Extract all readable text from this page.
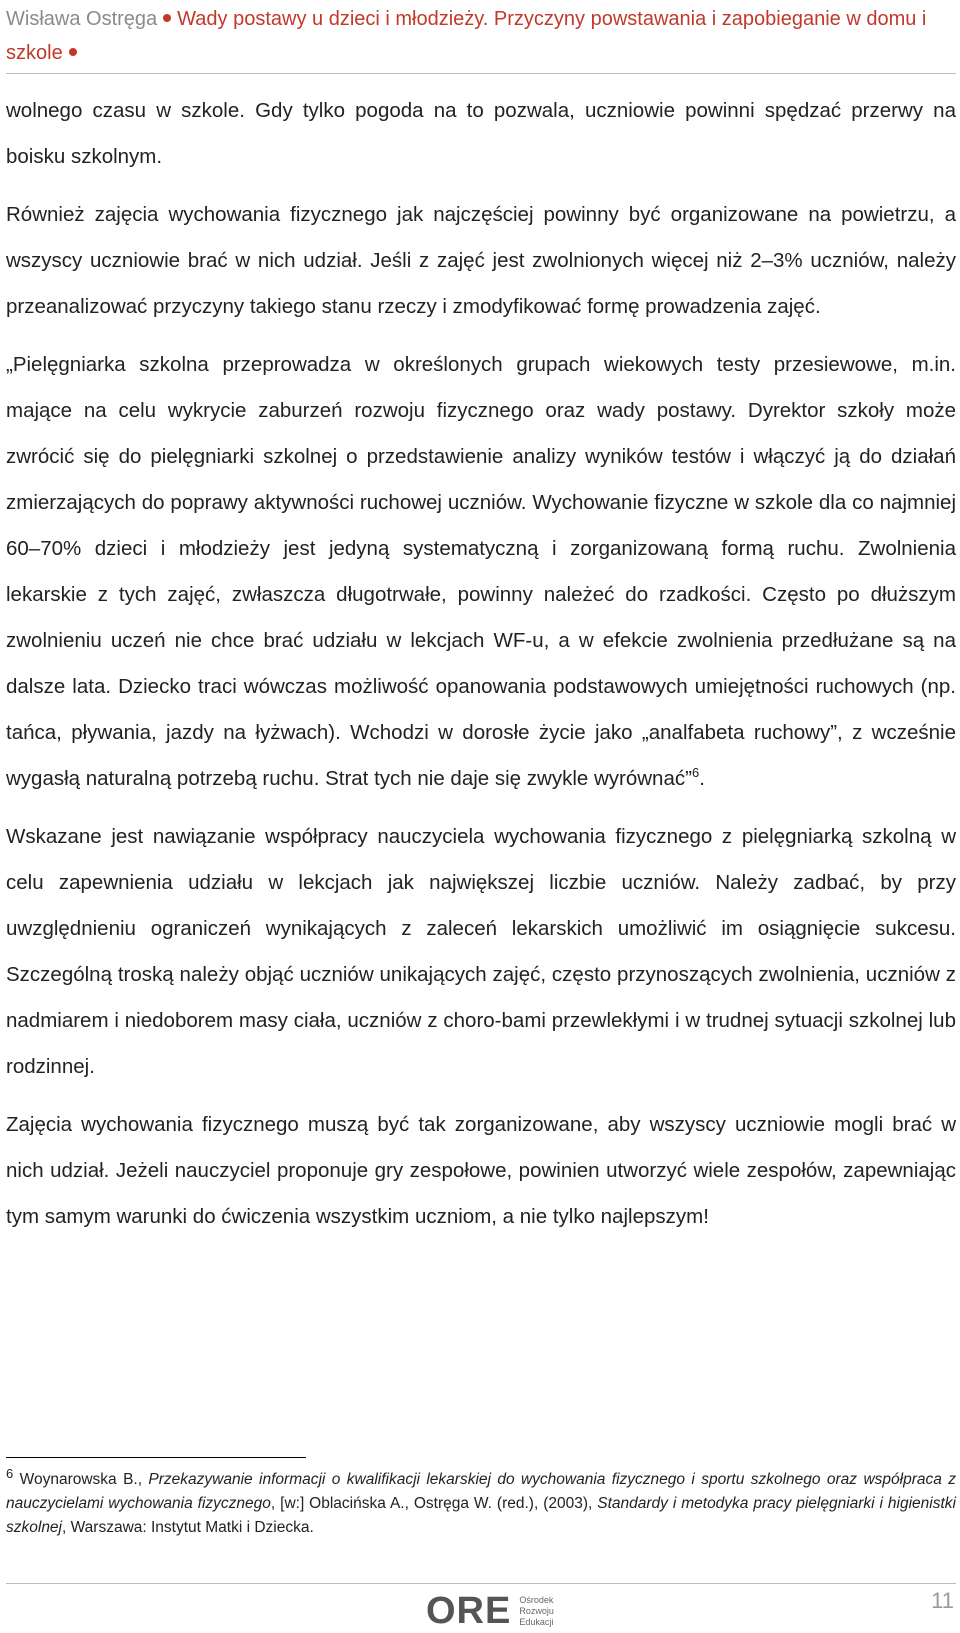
Wisława Ostręga Wady postawy u dzieci i młodzieży. Przyczyny powstawania i zapobieganie w domu i szkole

wolnego czasu w szkole. Gdy tylko pogoda na to pozwala, uczniowie powinni spędzać przerwy na boisku szkolnym.

Również zajęcia wychowania fizycznego jak najczęściej powinny być organizowane na powietrzu, a wszyscy uczniowie brać w nich udział. Jeśli z zajęć jest zwolnionych więcej niż 2–3% uczniów, należy przeanalizować przyczyny takiego stanu rzeczy i zmodyfikować formę prowadzenia zajęć.

„Pielęgniarka szkolna przeprowadza w określonych grupach wiekowych testy przesiewowe, m.in. mające na celu wykrycie zaburzeń rozwoju fizycznego oraz wady postawy. Dyrektor szkoły może zwrócić się do pielęgniarki szkolnej o przedstawienie analizy wyników testów i włączyć ją do działań zmierzających do poprawy aktywności ruchowej uczniów. Wychowanie fizyczne w szkole dla co najmniej 60–70% dzieci i młodzieży jest jedyną systematyczną i zorganizowaną formą ruchu. Zwolnienia lekarskie z tych zajęć, zwłaszcza długotrwałe, powinny należeć do rzadkości. Często po dłuższym zwolnieniu uczeń nie chce brać udziału w lekcjach WF-u, a w efekcie zwolnienia przedłużane są na dalsze lata. Dziecko traci wówczas możliwość opanowania podstawowych umiejętności ruchowych (np. tańca, pływania, jazdy na łyżwach). Wchodzi w dorosłe życie jako „analfabeta ruchowy”, z wcześnie wygasłą naturalną potrzebą ruchu. Strat tych nie daje się zwykle wyrównać”$^6$.

Wskazane jest nawiązanie współpracy nauczyciela wychowania fizycznego z pielęgniarką szkolną w celu zapewnienia udziału w lekcjach jak największej liczbie uczniów. Należy zadbać, by przy uwzględnieniu ograniczeń wynikających z zaleceń lekarskich umożliwić im osiągnięcie sukcesu. Szczególną troską należy objąć uczniów unikających zajęć, często przynoszących zwolnienia, uczniów z nadmiarem i niedoborem masy ciała, uczniów z choro-bami przewlekłymi i w trudnej sytuacji szkolnej lub rodzinnej.

Zajęcia wychowania fizycznego muszą być tak zorganizowane, aby wszyscy uczniowie mogli brać w nich udział. Jeżeli nauczyciel proponuje gry zespołowe, powinien utworzyć wiele zespołów, zapewniając tym samym warunki do ćwiczenia wszystkim uczniom, a nie tylko najlepszym!

$^6$ Woynarowska B., Przekazywanie informacji o kwalifikacji lekarskiej do wychowania fizycznego i sportu szkolnego oraz współpraca z nauczycielami wychowania fizycznego, [w:] Oblacińska A., Ostręga W. (red.), (2003), Standardy i metodyka pracy pielęgniarki i higienistki szkolnej, Warszawa: Instytut Matki i Dziecka.
ORE Ośrodek
Rozwoju
Edukacji
11
